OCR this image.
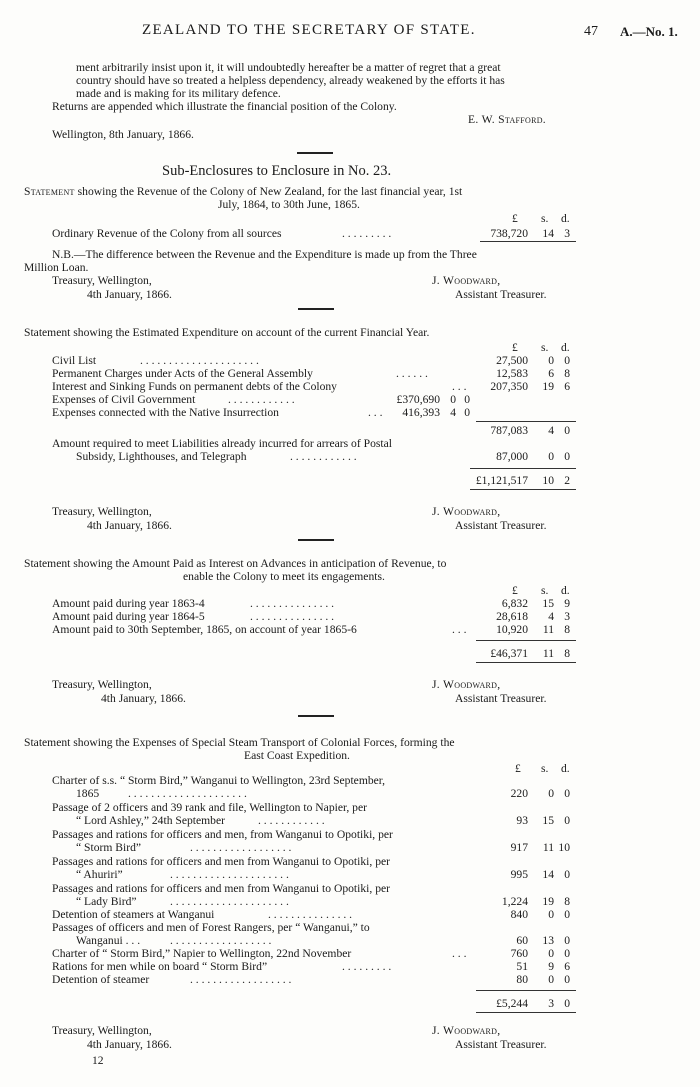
ZEALAND TO THE SECRETARY OF STATE.	47 A.—No. 1.
ment arbitrarily insist upon it, it will undoubtedly hereafter be a matter of regret that a great
country should have so treated a helpless dependency, already weakened by the efforts it has
made and is making for its military defence.
Returns are appended which illustrate the financial position of the Colony.
E. W. Stafford.
Wellington, 8th January, 1866.
Sub-Enclosures to Enclosure in No. 23.
Statement showing the Revenue of the Colony of New Zealand, for the last financial year, 1st
July, 1864, to 30th June, 1865.
£ s. d.
Ordinary Revenue of the Colony from all sources	. . . . . . . . .	738,720 14 3
N.B.—The difference between the Revenue and the Expenditure is made up from the Three
Million Loan.
Treasury, Wellington,	J. Woodward,
4th January, 1866.	Assistant Treasurer.
Statement showing the Estimated Expenditure on account of the current Financial Year.
£ s. d.
Civil List	. . . . . . . . . . . . . . . . . . . . .	27,500 0 0
Permanent Charges under Acts of the General Assembly	. . . . . .	12,583 6 8
Interest and Sinking Funds on permanent debts of the Colony	. . . 207,350 19 6
Expenses of Civil Government	. . . . . . . . . . . .	£370,690 0 0
Expenses connected with the Native Insurrection	. . . 416,393 4 0
787,083 4 0
Amount required to meet Liabilities already incurred for arrears of Postal
Subsidy, Lighthouses, and Telegraph	. . . . . . . . . . . .	87,000 0 0
£1,121,517 10 2
Treasury, Wellington,	J. Woodward,
4th January, 1866.	Assistant Treasurer.
Statement showing the Amount Paid as Interest on Advances in anticipation of Revenue, to
enable the Colony to meet its engagements.
£ s. d.
Amount paid during year 1863-4	. . . . . . . . . . . . . . .	6,832 15 9
Amount paid during year 1864-5	. . . . . . . . . . . . . . .	28,618 4 3
Amount paid to 30th September, 1865, on account of year 1865-6	. . .	10,920 11 8
£46,371 11 8
Treasury, Wellington,	J. Woodward,
4th January, 1866.	Assistant Treasurer.
Statement showing the Expenses of Special Steam Transport of Colonial Forces, forming the
East Coast Expedition.
£ s. d.
Charter of s.s. “ Storm Bird,” Wanganui to Wellington, 23rd September,
1865 . . . . . . . . . . . . . . . . . . . . .	220 0 0
Passage of 2 officers and 39 rank and file, Wellington to Napier, per
“ Lord Ashley,” 24th September	. . . . . . . . . . . .	93 15 0
Passages and rations for officers and men, from Wanganui to Opotiki, per
“ Storm Bird”	. . . . . . . . . . . . . . . . . .	917 11 10
Passages and rations for officers and men from Wanganui to Opotiki, per
“ Ahuriri”	. . . . . . . . . . . . . . . . . . . . .	995 14 0
Passages and rations for officers and men from Wanganui to Opotiki, per
“ Lady Bird”	. . . . . . . . . . . . . . . . . . . . .	1,224 19 8
Detention of steamers at Wanganui	. . . . . . . . . . . . . . .	840 0 0
Passages of officers and men of Forest Rangers, per “ Wanganui,” to
Wanganui . . .	. . . . . . . . . . . . . . . . . .	60 13 0
Charter of “ Storm Bird,” Napier to Wellington, 22nd November	. . .	760 0 0
Rations for men while on board “ Storm Bird”	. . . . . . . . .	51 9 6
Detention of steamer	. . . . . . . . . . . . . . . . . .	80 0 0
£5,244 3 0
Treasury, Wellington,	J. Woodward,
4th January, 1866.	Assistant Treasurer.
12
